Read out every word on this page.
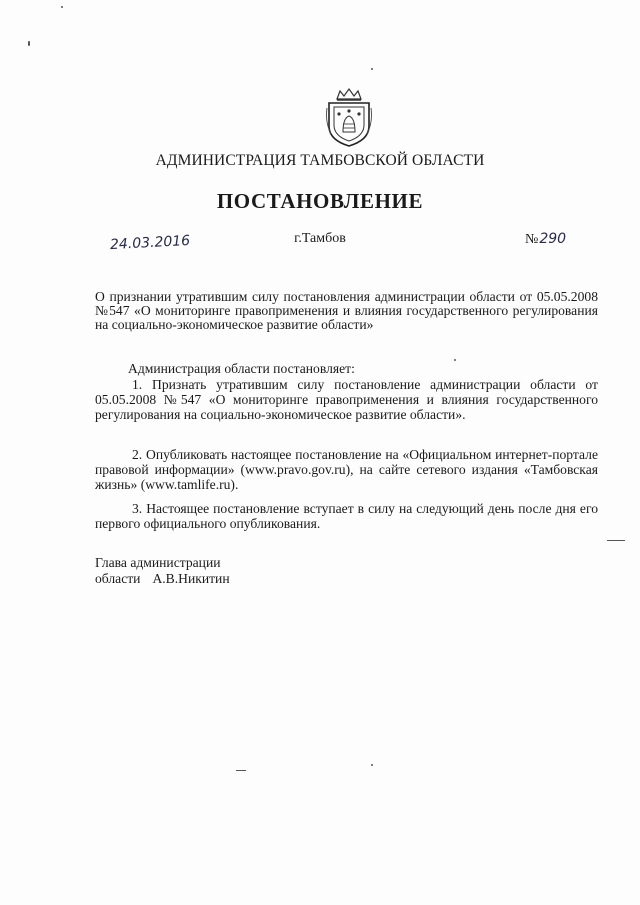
АДМИНИСТРАЦИЯ ТАМБОВСКОЙ ОБЛАСТИ
ПОСТАНОВЛЕНИЕ
24.03.2016	г.Тамбов	№290
О признании утратившим силу постановления администрации области от 05.05.2008 №547 «О мониторинге правоприменения и влияния государственного регулирования на социально-экономическое развитие области»
Администрация области постановляет:
1. Признать утратившим силу постановление администрации области от 05.05.2008 №547 «О мониторинге правоприменения и влияния государственного регулирования на социально-экономическое развитие области».
2. Опубликовать настоящее постановление на «Официальном интернет-портале правовой информации» (www.pravo.gov.ru), на сайте сетевого издания «Тамбовская жизнь» (www.tamlife.ru).
3. Настоящее постановление вступает в силу на следующий день после дня его первого официального опубликования.
Глава администрации
области А.В.Никитин
